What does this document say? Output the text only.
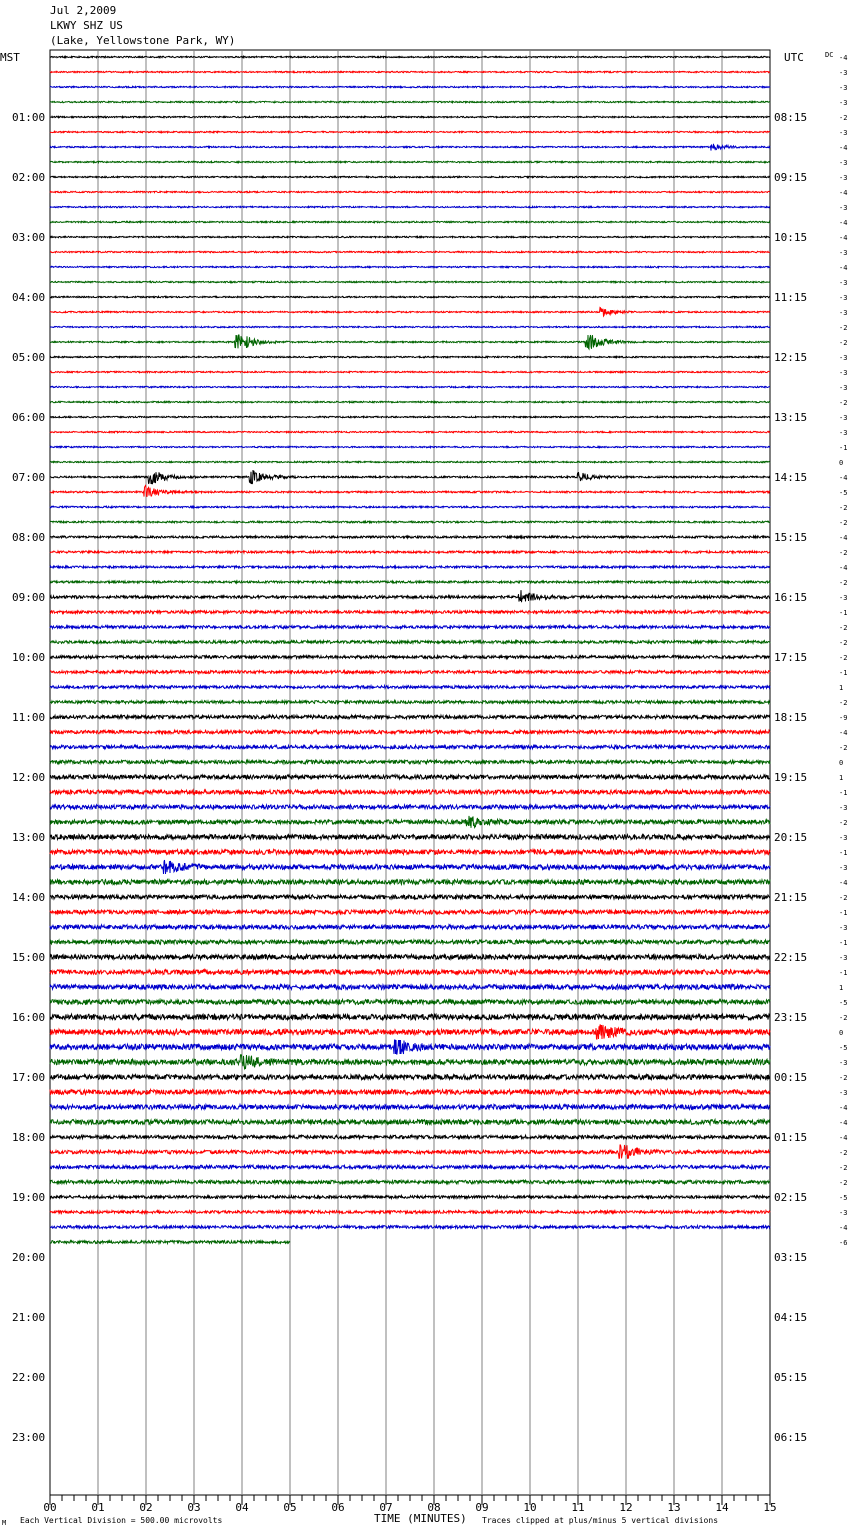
Jul 2,2009
LKWY SHZ US
(Lake, Yellowstone Park, WY)
MST	UTC	DC -4
-3
-3
-3
-2
-3
-4
-3
-3
-4
-3
-4
-4
-3
-4
-3
-3
-3
-2
-2
-3
-3
-3
-2
-3
-3
-1
0
-4
-5
-2
-2
-4
-2
-4
-2
-3
-1
-2
-2
-2
-1
1
-2
-9
-4
-2
0
1
-1
-3
-2
-3
-1
-3
-4
-2
-1
-3
-1
-3
-1
1
-5
-2
0
-5
-3
-2
-3
-4
-4
-4
-2
-2
-2
-5
-3
-4
-6
01:00
02:00
03:00
04:00
05:00
06:00
07:00
08:00
09:00
10:00
11:00
12:00
13:00
14:00
15:00
16:00
17:00
18:00
19:00
20:00
21:00
22:00
23:00
08:15
09:15
10:15
11:15
12:15
13:15
14:15
15:15
16:15
17:15
18:15
19:15
20:15
21:15
22:15
23:15
00:15
01:15
02:15
03:15
04:15
05:15
06:15
00	01	02	03	04	05	06	07	08	09	10	11	12	13	14	15
TIME (MINUTES)
Each Vertical Division = 500.00 microvolts	Traces clipped at plus/minus 5 vertical divisions
M
